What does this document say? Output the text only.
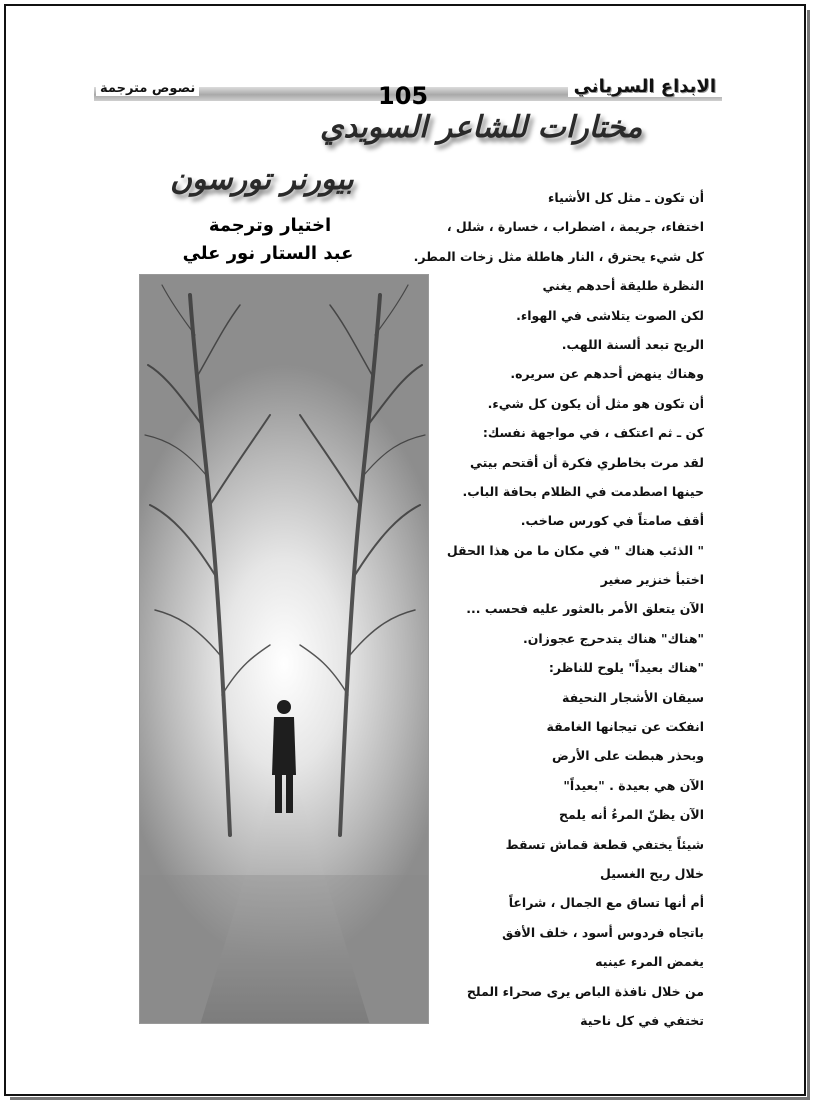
الابداع السرياني
نصوص مترجمة	105
مختارات للشاعر السويدي
بيورنر تورسون
اختيار وترجمة
عبد الستار نور علي
أن تكون ـ مثل كل الأشياء
اختفاء، جريمة ، اضطراب ، خسارة ، شلل ،
كل شيء يحترق ، النار هاطلة مثل زخات المطر.
النظرة طليقة أحدهم يغني
لكن الصوت يتلاشى في الهواء.
الريح تبعد ألسنة اللهب.
وهناك ينهض أحدهم عن سريره.
أن تكون هو مثل أن يكون كل شيء.
كن ـ ثم اعتكف ، في مواجهة نفسك:
لقد مرت بخاطري فكرة أن أقتحم بيتي
حينها اصطدمت في الظلام بحافة الباب.
أقف صامتاً في كورس صاخب.
" الذئب هناك " في مكان ما من هذا الحقل
اختبأ خنزير صغير
الآن يتعلق الأمر بالعثور عليه فحسب ...
"هناك" هناك يتدحرج عجوزان.
"هناك بعيداً" يلوح للناظر:
سيقان الأشجار النحيفة
انفكت عن تيجانها الغامقة
وبحذر هبطت على الأرض
الآن هي بعيدة . "بعيداً"
الآن يظنّ المرءُ أنه يلمح
شيئاً يختفي قطعة قماش تسقط
خلال ريح الغسيل
أم أنها تساق مع الجمال ، شراعاً
باتجاه فردوس أسود ، خلف الأفق
يغمض المرء عينيه
من خلال نافذة الباص يرى صحراء الملح
تختفي في كل ناحية
